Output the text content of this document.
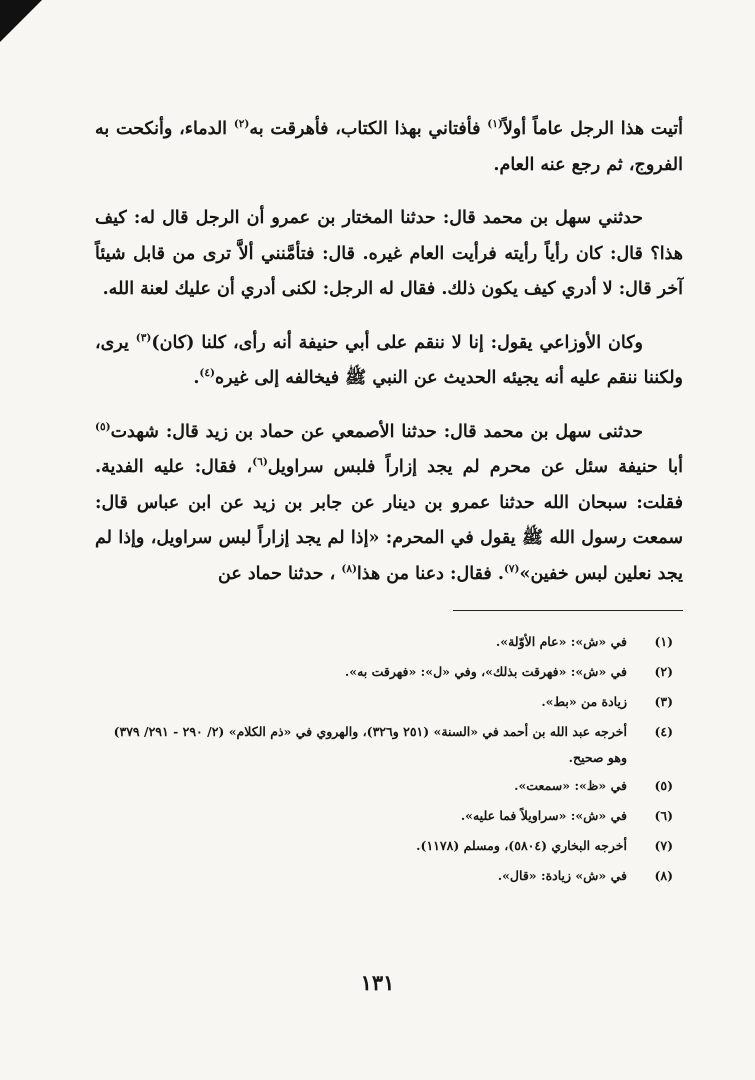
أتيت هذا الرجل عاماً أولاً$^{(١)}$ فأفتاني بهذا الكتاب، فأهرقت به$^{(٢)}$ الدماء، وأنكحت به الفروج، ثم رجع عنه العام.

حدثني سهل بن محمد قال: حدثنا المختار بن عمرو أن الرجل قال له: كيف هذا؟ قال: كان رأياً رأيته فرأيت العام غيره. قال: فتأمَّنني ألاَّ ترى من قابل شيئاً آخر قال: لا أدري كيف يكون ذلك. فقال له الرجل: لكنى أدري أن عليك لعنة الله.

وكان الأوزاعي يقول: إنا لا ننقم على أبي حنيفة أنه رأى، كلنا (كان)$^{(٣)}$ يرى، ولكننا ننقم عليه أنه يجيئه الحديث عن النبي ﷺ فيخالفه إلى غيره$^{(٤)}$.

حدثنى سهل بن محمد قال: حدثنا الأصمعي عن حماد بن زيد قال: شهدت$^{(٥)}$ أبا حنيفة سئل عن محرم لم يجد إزاراً فلبس سراويل$^{(٦)}$، فقال: عليه الفدية. فقلت: سبحان الله حدثنا عمرو بن دينار عن جابر بن زيد عن ابن عباس قال: سمعت رسول الله ﷺ يقول في المحرم: «إذا لم يجد إزاراً لبس سراويل، وإذا لم يجد نعلين لبس خفين»$^{(٧)}$. فقال: دعنا من هذا$^{(٨)}$ ، حدثنا حماد عن

(١)
في «ش»: «عام الأوّلة».
(٢)
في «ش»: «فهرقت بذلك»، وفي «ل»: «فهرقت به».
(٣)
زيادة من «بط».
(٤)
أخرجه عبد الله بن أحمد في «السنة» (٢٥١ و٣٢٦)، والهروي في «ذم الكلام» (٢/ ٢٩٠ - ٢٩١/ ٣٧٩) وهو صحيح.
(٥)
في «ظ»: «سمعت».
(٦)
في «ش»: «سراويلاً فما عليه».
(٧)
أخرجه البخاري (٥٨٠٤)، ومسلم (١١٧٨).
(٨)
في «ش» زيادة: «قال».
١٣١
